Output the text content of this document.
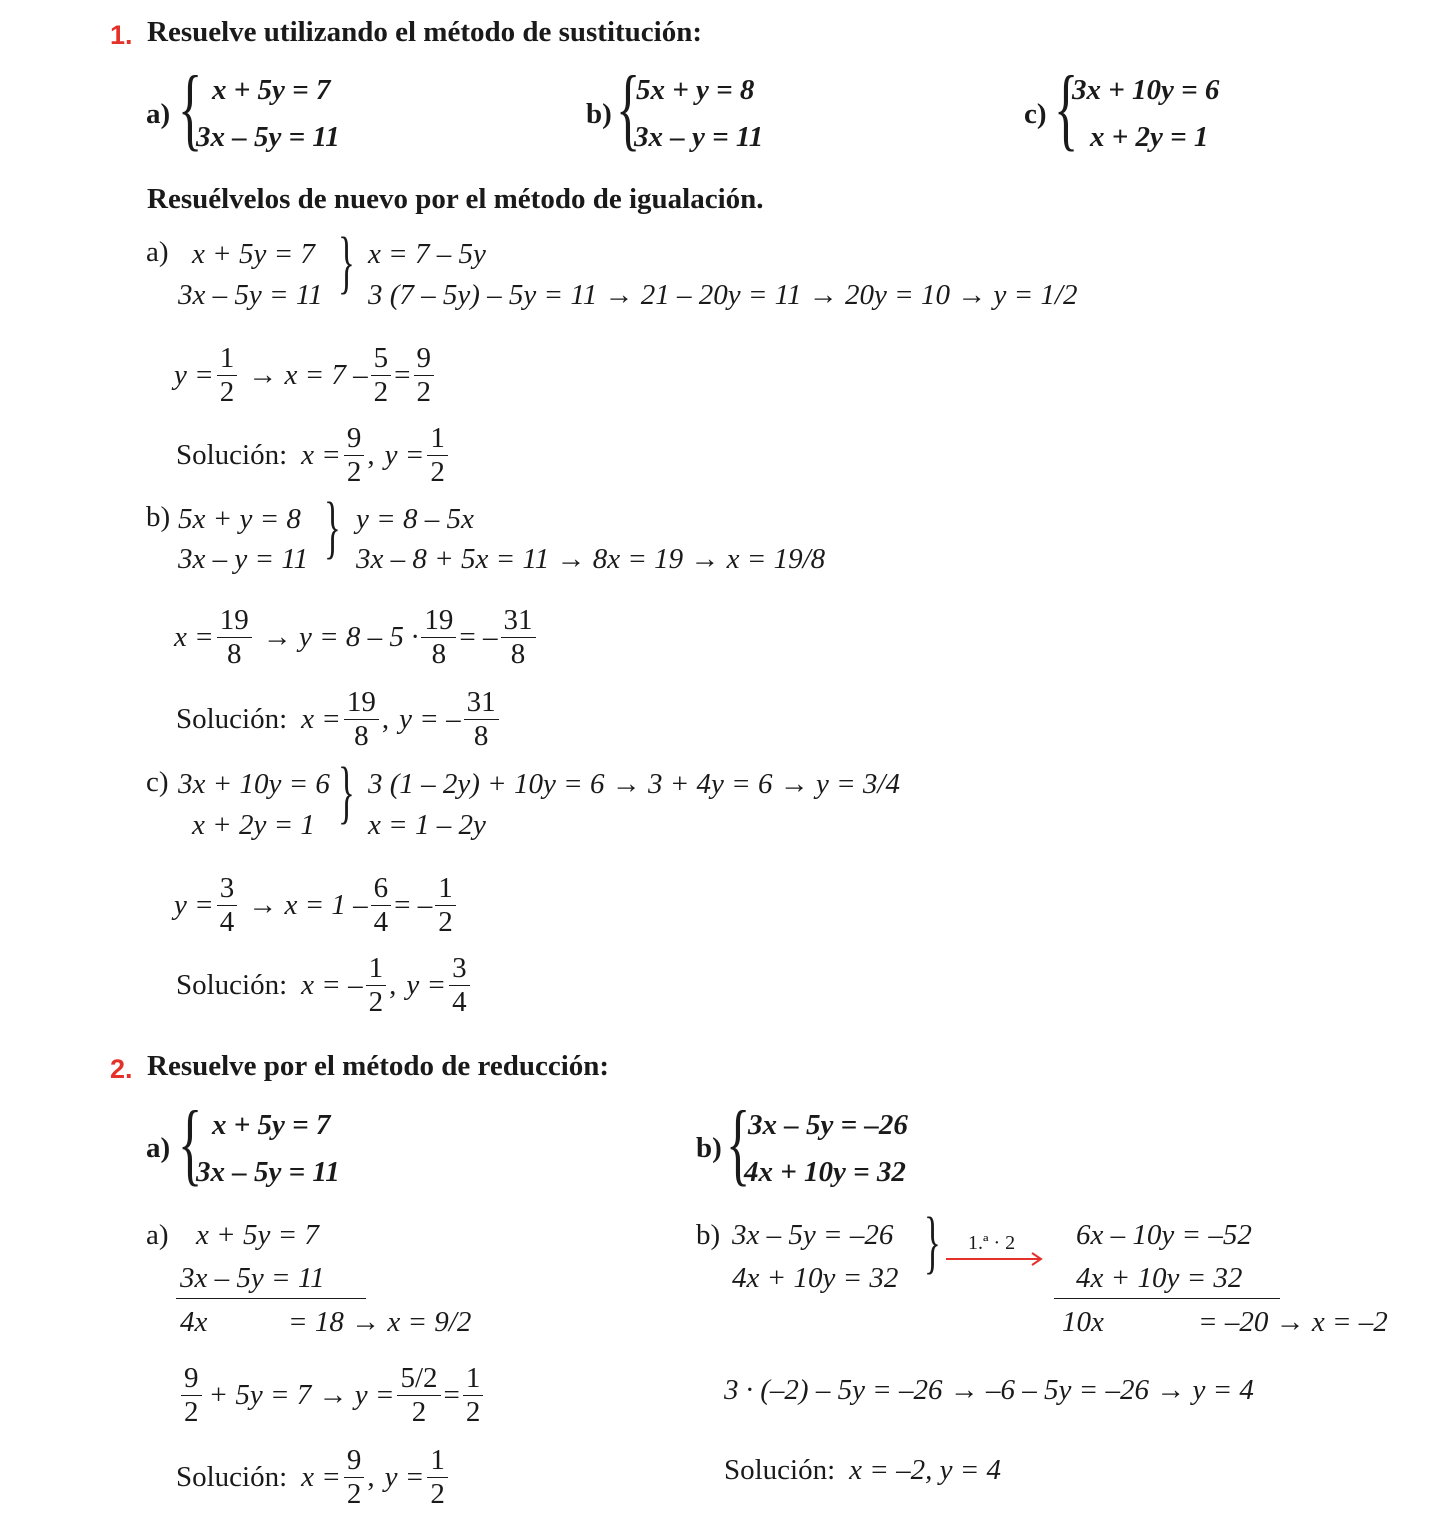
1. Resuelve utilizando el método de sustitución:
a) { x + 5y = 7
3x – 5y = 11
b) {
5x + y = 8
3x – y = 11
c) {
3x + 10y = 6
x + 2y = 1
Resuélvelos de nuevo por el método de igualación.
a) x + 5y = 7
3x – 5y = 11 } x = 7 – 5y
3 (7 – 5y) – 5y = 11 → 21 – 20y = 11 → 20y = 10 → y = 1/2
$y = \frac{1}{2} \to x = 7 - \frac{5}{2} = \frac{9}{2}$
Solución: $x = \frac{9}{2}$ , $y = \frac{1}{2}$
b) 5x + y = 8
3x – y = 11 } y = 8 – 5x
3x – 8 + 5x = 11 → 8x = 19 → x = 19/8
$x = \frac{19}{8} \to y = 8 - 5 \cdot \frac{19}{8}$ = – $\frac{31}{8}$
Solución: $x = \frac{19}{8}$ , y = – $\frac{31}{8}$
c) 3x + 10y = 6
x + 2y = 1 } 3 (1 – 2y) + 10y = 6 → 3 + 4y = 6 → y = 3/4
x = 1 – 2y
$y = \frac{3}{4} \to x = 1 - \frac{6}{4}$ = – $\frac{1}{2}$
Solución: x = – $\frac{1}{2}$ , $y = \frac{3}{4}$
2. Resuelve por el método de reducción:
a) { x + 5y = 7
3x – 5y = 11
b) {
3x – 5y = –26
4x + 10y = 32
a) x + 5y = 7
3x – 5y = 11
4x	= 18 → x = 9/2
$\frac{9}{2} + 5y = 7 \to y = \frac{5/2}{2} = \frac{1}{2}$
Solución: $x = \frac{9}{2}$ , $y = \frac{1}{2}$
b) 3x – 5y = –26
4x + 10y = 32 } 1.ª · 2 6x – 10y = –52
4x + 10y = 32
10x	= –20 → x = –2
3 · (–2) – 5y = –26 → –6 – 5y = –26 → y = 4
Solución: x = –2, y = 4
